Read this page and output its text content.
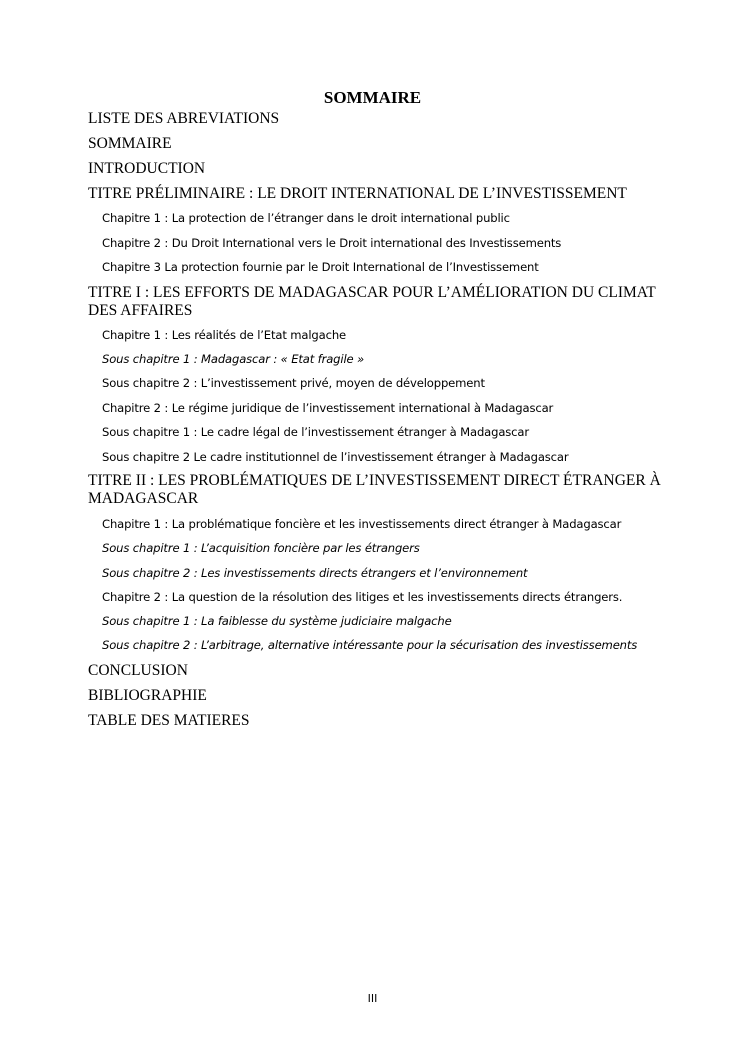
SOMMAIRE
LISTE DES ABREVIATIONS
SOMMAIRE
INTRODUCTION
TITRE PRÉLIMINAIRE : LE DROIT INTERNATIONAL DE L’INVESTISSEMENT
Chapitre 1 : La protection de l’étranger dans le droit international public
Chapitre 2 : Du Droit International vers le Droit international des Investissements
Chapitre 3 La protection fournie par le Droit International de l’Investissement
TITRE I : LES EFFORTS DE MADAGASCAR POUR L’AMÉLIORATION DU CLIMAT DES AFFAIRES
Chapitre 1 : Les réalités de l’Etat malgache
Sous chapitre 1 : Madagascar : « Etat fragile »
Sous chapitre 2 : L’investissement privé, moyen de développement
Chapitre 2 : Le régime juridique de l’investissement international à Madagascar
Sous chapitre 1 : Le cadre légal de l’investissement étranger à Madagascar
Sous chapitre 2 Le cadre institutionnel de l’investissement étranger à Madagascar
TITRE II : LES PROBLÉMATIQUES DE L’INVESTISSEMENT DIRECT ÉTRANGER À MADAGASCAR
Chapitre 1 : La problématique foncière et les investissements direct étranger à Madagascar
Sous chapitre 1 : L’acquisition foncière par les étrangers
Sous chapitre 2 : Les investissements directs étrangers et l’environnement
Chapitre 2 : La question de la résolution des litiges et les investissements directs étrangers.
Sous chapitre 1 : La faiblesse du système judiciaire malgache
Sous chapitre 2 : L’arbitrage, alternative intéressante pour la sécurisation des investissements
CONCLUSION
BIBLIOGRAPHIE
TABLE DES MATIERES
III
